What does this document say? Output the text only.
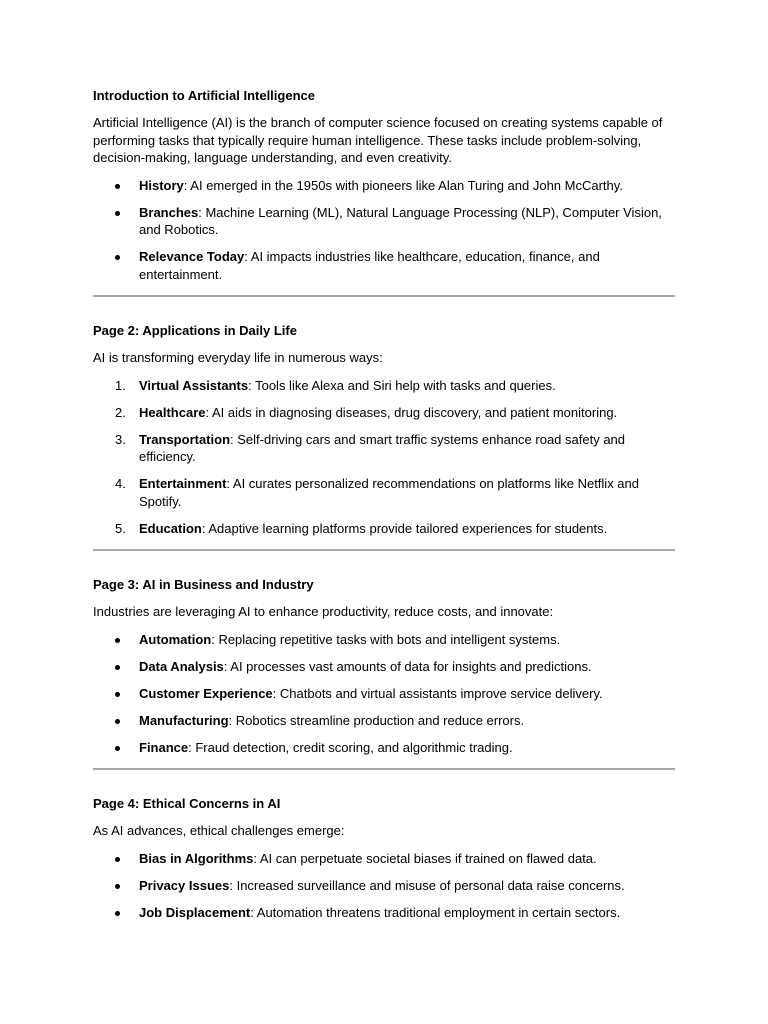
Introduction to Artificial Intelligence
Artificial Intelligence (AI) is the branch of computer science focused on creating systems capable of performing tasks that typically require human intelligence. These tasks include problem-solving, decision-making, language understanding, and even creativity.
History: AI emerged in the 1950s with pioneers like Alan Turing and John McCarthy.
Branches: Machine Learning (ML), Natural Language Processing (NLP), Computer Vision, and Robotics.
Relevance Today: AI impacts industries like healthcare, education, finance, and entertainment.
Page 2: Applications in Daily Life
AI is transforming everyday life in numerous ways:
1. Virtual Assistants: Tools like Alexa and Siri help with tasks and queries.
2. Healthcare: AI aids in diagnosing diseases, drug discovery, and patient monitoring.
3. Transportation: Self-driving cars and smart traffic systems enhance road safety and efficiency.
4. Entertainment: AI curates personalized recommendations on platforms like Netflix and Spotify.
5. Education: Adaptive learning platforms provide tailored experiences for students.
Page 3: AI in Business and Industry
Industries are leveraging AI to enhance productivity, reduce costs, and innovate:
Automation: Replacing repetitive tasks with bots and intelligent systems.
Data Analysis: AI processes vast amounts of data for insights and predictions.
Customer Experience: Chatbots and virtual assistants improve service delivery.
Manufacturing: Robotics streamline production and reduce errors.
Finance: Fraud detection, credit scoring, and algorithmic trading.
Page 4: Ethical Concerns in AI
As AI advances, ethical challenges emerge:
Bias in Algorithms: AI can perpetuate societal biases if trained on flawed data.
Privacy Issues: Increased surveillance and misuse of personal data raise concerns.
Job Displacement: Automation threatens traditional employment in certain sectors.
